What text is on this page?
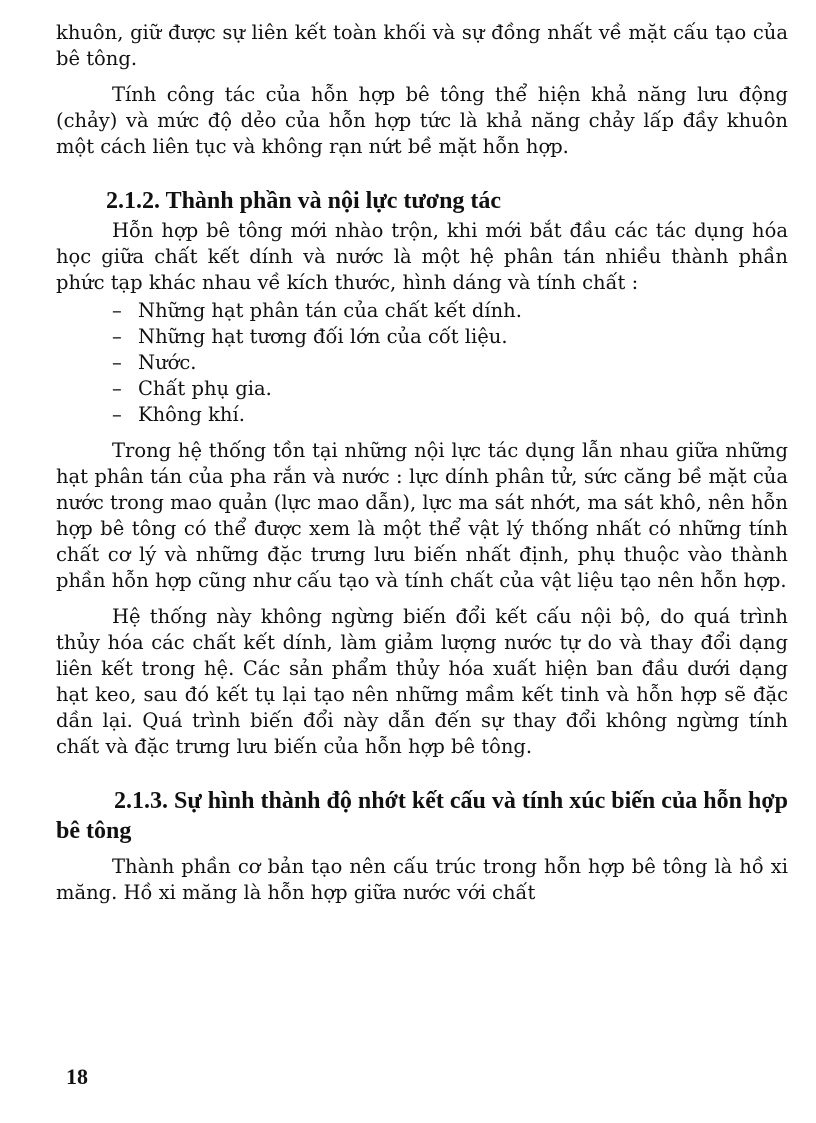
khuôn, giữ được sự liên kết toàn khối và sự đồng nhất về mặt cấu tạo của bê tông.

Tính công tác của hỗn hợp bê tông thể hiện khả năng lưu động (chảy) và mức độ dẻo của hỗn hợp tức là khả năng chảy lấp đầy khuôn một cách liên tục và không rạn nứt bề mặt hỗn hợp.

2.1.2. Thành phần và nội lực tương tác

Hỗn hợp bê tông mới nhào trộn, khi mới bắt đầu các tác dụng hóa học giữa chất kết dính và nước là một hệ phân tán nhiều thành phần phức tạp khác nhau về kích thước, hình dáng và tính chất :

– Những hạt phân tán của chất kết dính.
– Những hạt tương đối lớn của cốt liệu.
– Nước.
– Chất phụ gia.
– Không khí.

Trong hệ thống tồn tại những nội lực tác dụng lẫn nhau giữa những hạt phân tán của pha rắn và nước : lực dính phân tử, sức căng bề mặt của nước trong mao quản (lực mao dẫn), lực ma sát nhớt, ma sát khô, nên hỗn hợp bê tông có thể được xem là một thể vật lý thống nhất có những tính chất cơ lý và những đặc trưng lưu biến nhất định, phụ thuộc vào thành phần hỗn hợp cũng như cấu tạo và tính chất của vật liệu tạo nên hỗn hợp.

Hệ thống này không ngừng biến đổi kết cấu nội bộ, do quá trình thủy hóa các chất kết dính, làm giảm lượng nước tự do và thay đổi dạng liên kết trong hệ. Các sản phẩm thủy hóa xuất hiện ban đầu dưới dạng hạt keo, sau đó kết tụ lại tạo nên những mầm kết tinh và hỗn hợp sẽ đặc dần lại. Quá trình biến đổi này dẫn đến sự thay đổi không ngừng tính chất và đặc trưng lưu biến của hỗn hợp bê tông.

2.1.3. Sự hình thành độ nhớt kết cấu và tính xúc biến của hỗn hợp bê tông

Thành phần cơ bản tạo nên cấu trúc trong hỗn hợp bê tông là hồ xi măng. Hồ xi măng là hỗn hợp giữa nước với chất

18
